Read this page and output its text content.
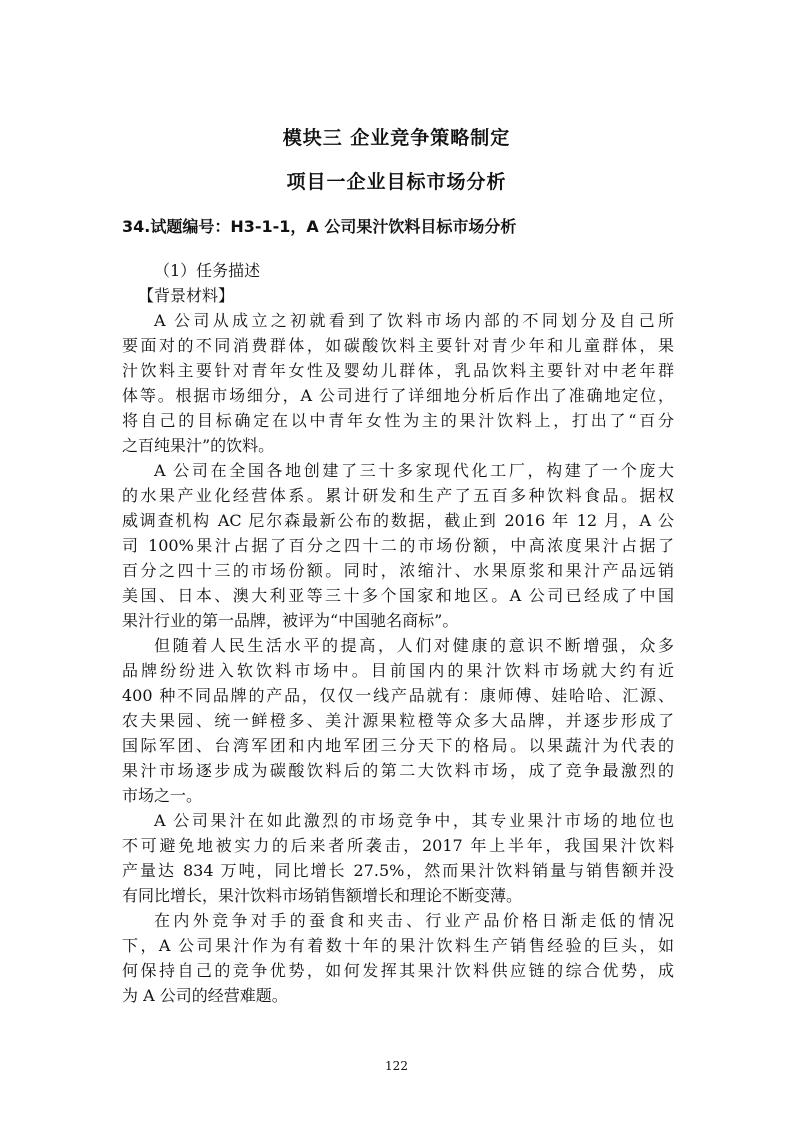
模块三 企业竞争策略制定
项目一企业目标市场分析
34.试题编号：H3-1-1，A 公司果汁饮料目标市场分析
（1）任务描述
【背景材料】
A 公司从成立之初就看到了饮料市场内部的不同划分及自己所
要面对的不同消费群体，如碳酸饮料主要针对青少年和儿童群体，果
汁饮料主要针对青年女性及婴幼儿群体，乳品饮料主要针对中老年群
体等。根据市场细分，A 公司进行了详细地分析后作出了准确地定位，
将自己的目标确定在以中青年女性为主的果汁饮料上，打出了“百分
之百纯果汁”的饮料。
A 公司在全国各地创建了三十多家现代化工厂，构建了一个庞大
的水果产业化经营体系。累计研发和生产了五百多种饮料食品。据权
威调查机构 AC 尼尔森最新公布的数据，截止到 2016 年 12 月，A 公
司 100%果汁占据了百分之四十二的市场份额，中高浓度果汁占据了
百分之四十三的市场份额。同时，浓缩汁、水果原浆和果汁产品远销
美国、日本、澳大利亚等三十多个国家和地区。A 公司已经成了中国
果汁行业的第一品牌，被评为“中国驰名商标”。
但随着人民生活水平的提高，人们对健康的意识不断增强，众多
品牌纷纷进入软饮料市场中。目前国内的果汁饮料市场就大约有近
400 种不同品牌的产品，仅仅一线产品就有：康师傅、娃哈哈、汇源、
农夫果园、统一鲜橙多、美汁源果粒橙等众多大品牌，并逐步形成了
国际军团、台湾军团和内地军团三分天下的格局。以果蔬汁为代表的
果汁市场逐步成为碳酸饮料后的第二大饮料市场，成了竞争最激烈的
市场之一。
A 公司果汁在如此激烈的市场竞争中，其专业果汁市场的地位也
不可避免地被实力的后来者所袭击，2017 年上半年，我国果汁饮料
产量达 834 万吨，同比增长 27.5%，然而果汁饮料销量与销售额并没
有同比增长，果汁饮料市场销售额增长和理论不断变薄。
在内外竞争对手的蚕食和夹击、行业产品价格日渐走低的情况
下，A 公司果汁作为有着数十年的果汁饮料生产销售经验的巨头，如
何保持自己的竞争优势，如何发挥其果汁饮料供应链的综合优势，成
为 A 公司的经营难题。
122
